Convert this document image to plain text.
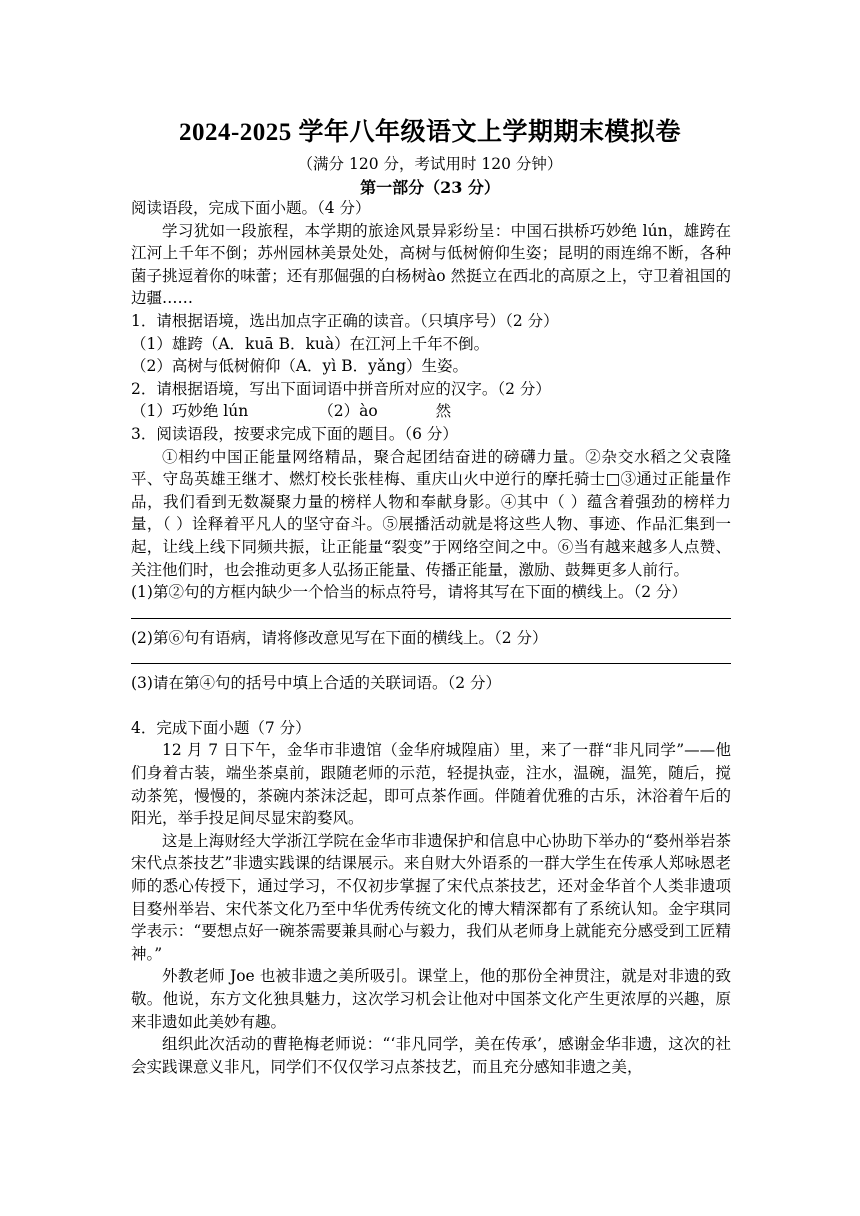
2024-2025 学年八年级语文上学期期末模拟卷
（满分 120 分，考试用时 120 分钟）
第一部分（23 分）

阅读语段，完成下面小题。（4 分）

学习犹如一段旅程，本学期的旅途风景异彩纷呈：中国石拱桥巧妙绝 lún，雄跨在江河上千年不倒；苏州园林美景处处，高树与低树俯仰生姿；昆明的雨连绵不断，各种菌子挑逗着你的味蕾；还有那倔强的白杨树ào 然挺立在西北的高原之上，守卫着祖国的边疆……

1．请根据语境，选出加点字正确的读音。（只填序号）（2 分）

（1）雄跨（A．kuā B．kuà）在江河上千年不倒。

（2）高树与低树俯仰（A．yì B．yǎng）生姿。

2．请根据语境，写出下面词语中拼音所对应的汉字。（2 分）

（1）巧妙绝 lún	（2）ào	然

3．阅读语段，按要求完成下面的题目。（6 分）

①相约中国正能量网络精品，聚合起团结奋进的磅礴力量。②杂交水稻之父袁隆平、守岛英雄王继才、燃灯校长张桂梅、重庆山火中逆行的摩托骑士□③通过正能量作品，我们看到无数凝聚力量的榜样人物和奉献身影。④其中（ ）蕴含着强劲的榜样力量，（ ）诠释着平凡人的坚守奋斗。⑤展播活动就是将这些人物、事迹、作品汇集到一起，让线上线下同频共振，让正能量“裂变”于网络空间之中。⑥当有越来越多人点赞、关注他们时，也会推动更多人弘扬正能量、传播正能量，激励、鼓舞更多人前行。

(1)第②句的方框内缺少一个恰当的标点符号，请将其写在下面的横线上。（2 分）

(2)第⑥句有语病，请将修改意见写在下面的横线上。（2 分）

(3)请在第④句的括号中填上合适的关联词语。（2 分）

4．完成下面小题（7 分）

12 月 7 日下午，金华市非遗馆（金华府城隍庙）里，来了一群“非凡同学”——他们身着古装，端坐茶桌前，跟随老师的示范，轻提执壶，注水，温碗，温筅，随后，搅动茶筅，慢慢的，茶碗内茶沫泛起，即可点茶作画。伴随着优雅的古乐，沐浴着午后的阳光，举手投足间尽显宋韵婺风。

这是上海财经大学浙江学院在金华市非遗保护和信息中心协助下举办的“婺州举岩茶宋代点茶技艺”非遗实践课的结课展示。来自财大外语系的一群大学生在传承人郑咏恩老师的悉心传授下，通过学习，不仅初步掌握了宋代点茶技艺，还对金华首个人类非遗项目婺州举岩、宋代茶文化乃至中华优秀传统文化的博大精深都有了系统认知。金宇琪同学表示：“要想点好一碗茶需要兼具耐心与毅力，我们从老师身上就能充分感受到工匠精神。”

外教老师 Joe 也被非遗之美所吸引。课堂上，他的那份全神贯注，就是对非遗的致敬。他说，东方文化独具魅力，这次学习机会让他对中国茶文化产生更浓厚的兴趣，原来非遗如此美妙有趣。

组织此次活动的曹艳梅老师说：“‘非凡同学，美在传承’，感谢金华非遗，这次的社会实践课意义非凡，同学们不仅仅学习点茶技艺，而且充分感知非遗之美，
